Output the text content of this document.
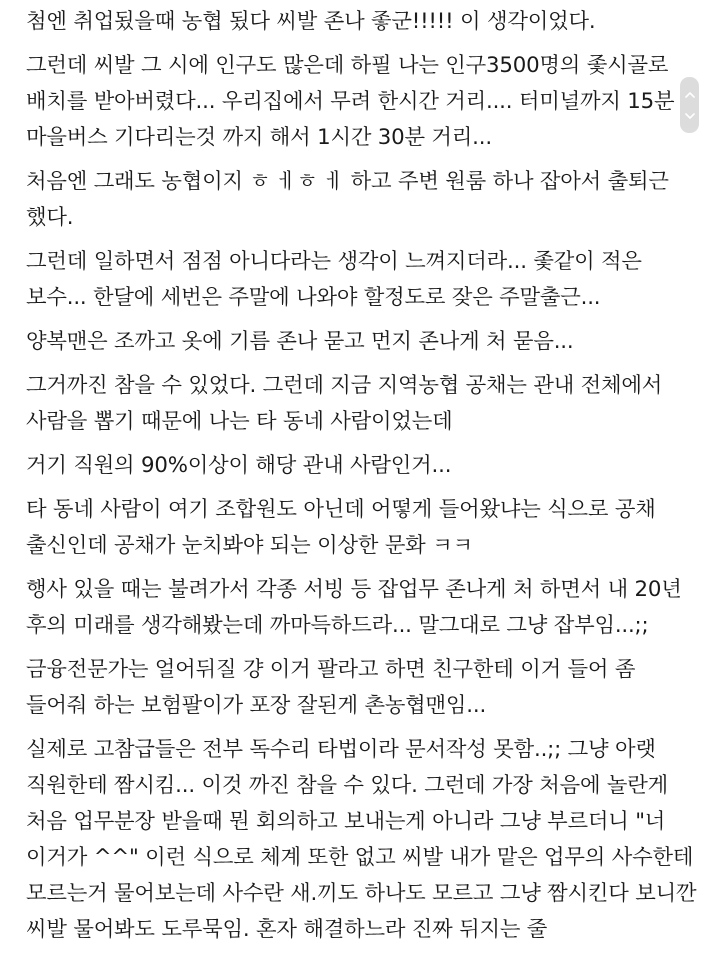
첨엔 취업됬을때 농협 됬다 씨발 존나 좋군!!!!! 이 생각이었다.

그런데 씨발 그 시에 인구도 많은데 하필 나는 인구3500명의 좇시골로 배치를 받아버렸다... 우리집에서 무려 한시간 거리.... 터미널까지 15분 마을버스 기다리는것 까지 해서 1시간 30분 거리...

처음엔 그래도 농협이지 ㅎ ㅔㅎ ㅔ 하고 주변 원룸 하나 잡아서 출퇴근 했다.

그런데 일하면서 점점 아니다라는 생각이 느껴지더라... 좇같이 적은 보수... 한달에 세번은 주말에 나와야 할정도로 잦은 주말출근...

양복맨은 조까고 옷에 기름 존나 묻고 먼지 존나게 처 묻음...

그거까진 참을 수 있었다. 그런데 지금 지역농협 공채는 관내 전체에서 사람을 뽑기 때문에 나는 타 동네 사람이었는데

거기 직원의 90%이상이 해당 관내 사람인거...

타 동네 사람이 여기 조합원도 아닌데 어떻게 들어왔냐는 식으로 공채 출신인데 공채가 눈치봐야 되는 이상한 문화 ㅋㅋ

행사 있을 때는 불려가서 각종 서빙 등 잡업무 존나게 처 하면서 내 20년 후의 미래를 생각해봤는데 까마득하드라... 말그대로 그냥 잡부임...;;

금융전문가는 얼어뒤질 걍 이거 팔라고 하면 친구한테 이거 들어 좀 들어줘 하는 보험팔이가 포장 잘된게 촌농협맨임...

실제로 고참급들은 전부 독수리 타법이라 문서작성 못함..;; 그냥 아랫 직원한테 짬시킴... 이것 까진 참을 수 있다. 그런데 가장 처음에 놀란게 처음 업무분장 받을때 뭔 회의하고 보내는게 아니라 그냥 부르더니 "너 이거가 ^^" 이런 식으로 체계 또한 없고 씨발 내가 맡은 업무의 사수한테 모르는거 물어보는데 사수란 새.끼도 하나도 모르고 그냥 짬시킨다 보니깐 씨발 물어봐도 도루묵임. 혼자 해결하느라 진짜 뒤지는 줄
